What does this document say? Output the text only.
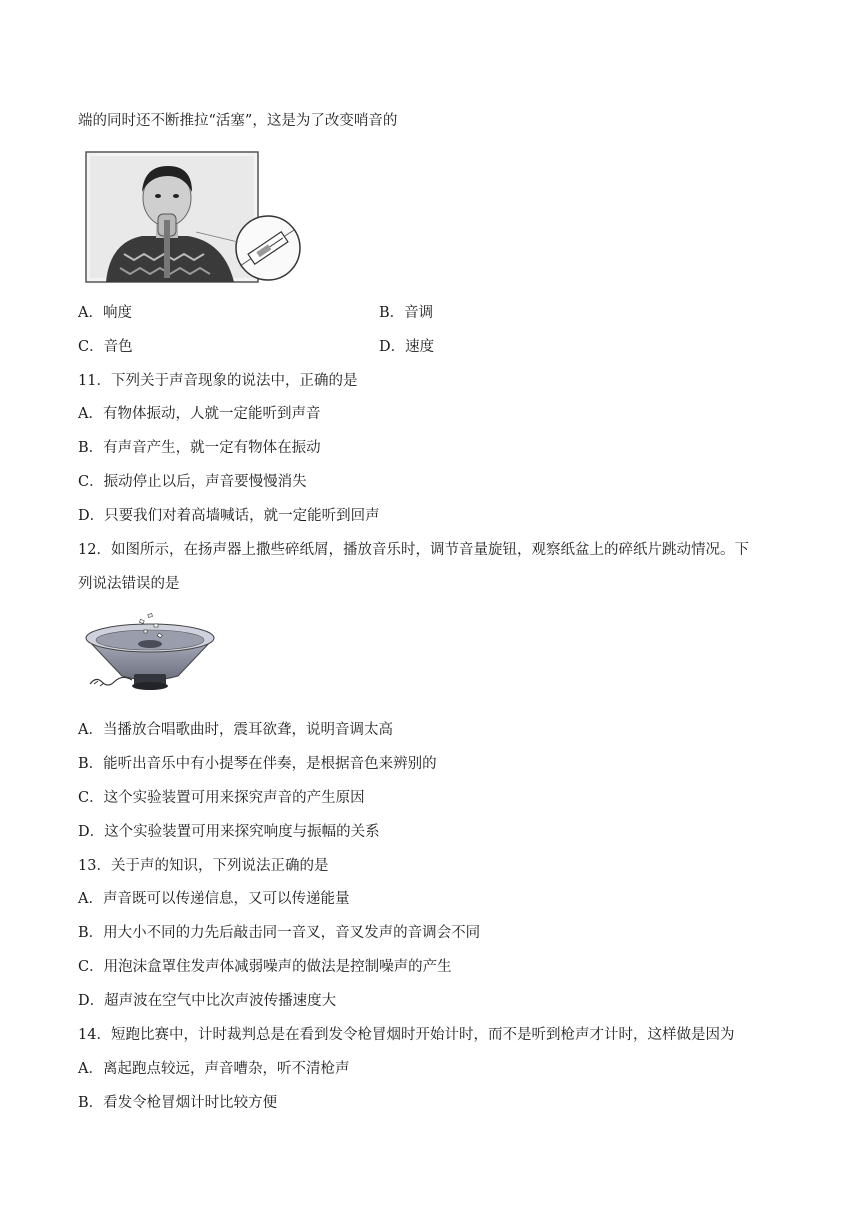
端的同时还不断推拉“活塞”，这是为了改变哨音的
A．响度	B．音调
C．音色	D．速度
11．下列关于声音现象的说法中，正确的是
A．有物体振动，人就一定能听到声音
B．有声音产生，就一定有物体在振动
C．振动停止以后，声音要慢慢消失
D．只要我们对着高墙喊话，就一定能听到回声
12．如图所示，在扬声器上撒些碎纸屑，播放音乐时，调节音量旋钮，观察纸盆上的碎纸片跳动情况。下
列说法错误的是
A．当播放合唱歌曲时，震耳欲聋，说明音调太高
B．能听出音乐中有小提琴在伴奏，是根据音色来辨别的
C．这个实验装置可用来探究声音的产生原因
D．这个实验装置可用来探究响度与振幅的关系
13．关于声的知识，下列说法正确的是
A．声音既可以传递信息，又可以传递能量
B．用大小不同的力先后敲击同一音叉，音叉发声的音调会不同
C．用泡沫盒罩住发声体减弱噪声的做法是控制噪声的产生
D．超声波在空气中比次声波传播速度大
14．短跑比赛中，计时裁判总是在看到发令枪冒烟时开始计时，而不是听到枪声才计时，这样做是因为
A．离起跑点较远，声音嘈杂，听不清枪声
B．看发令枪冒烟计时比较方便
